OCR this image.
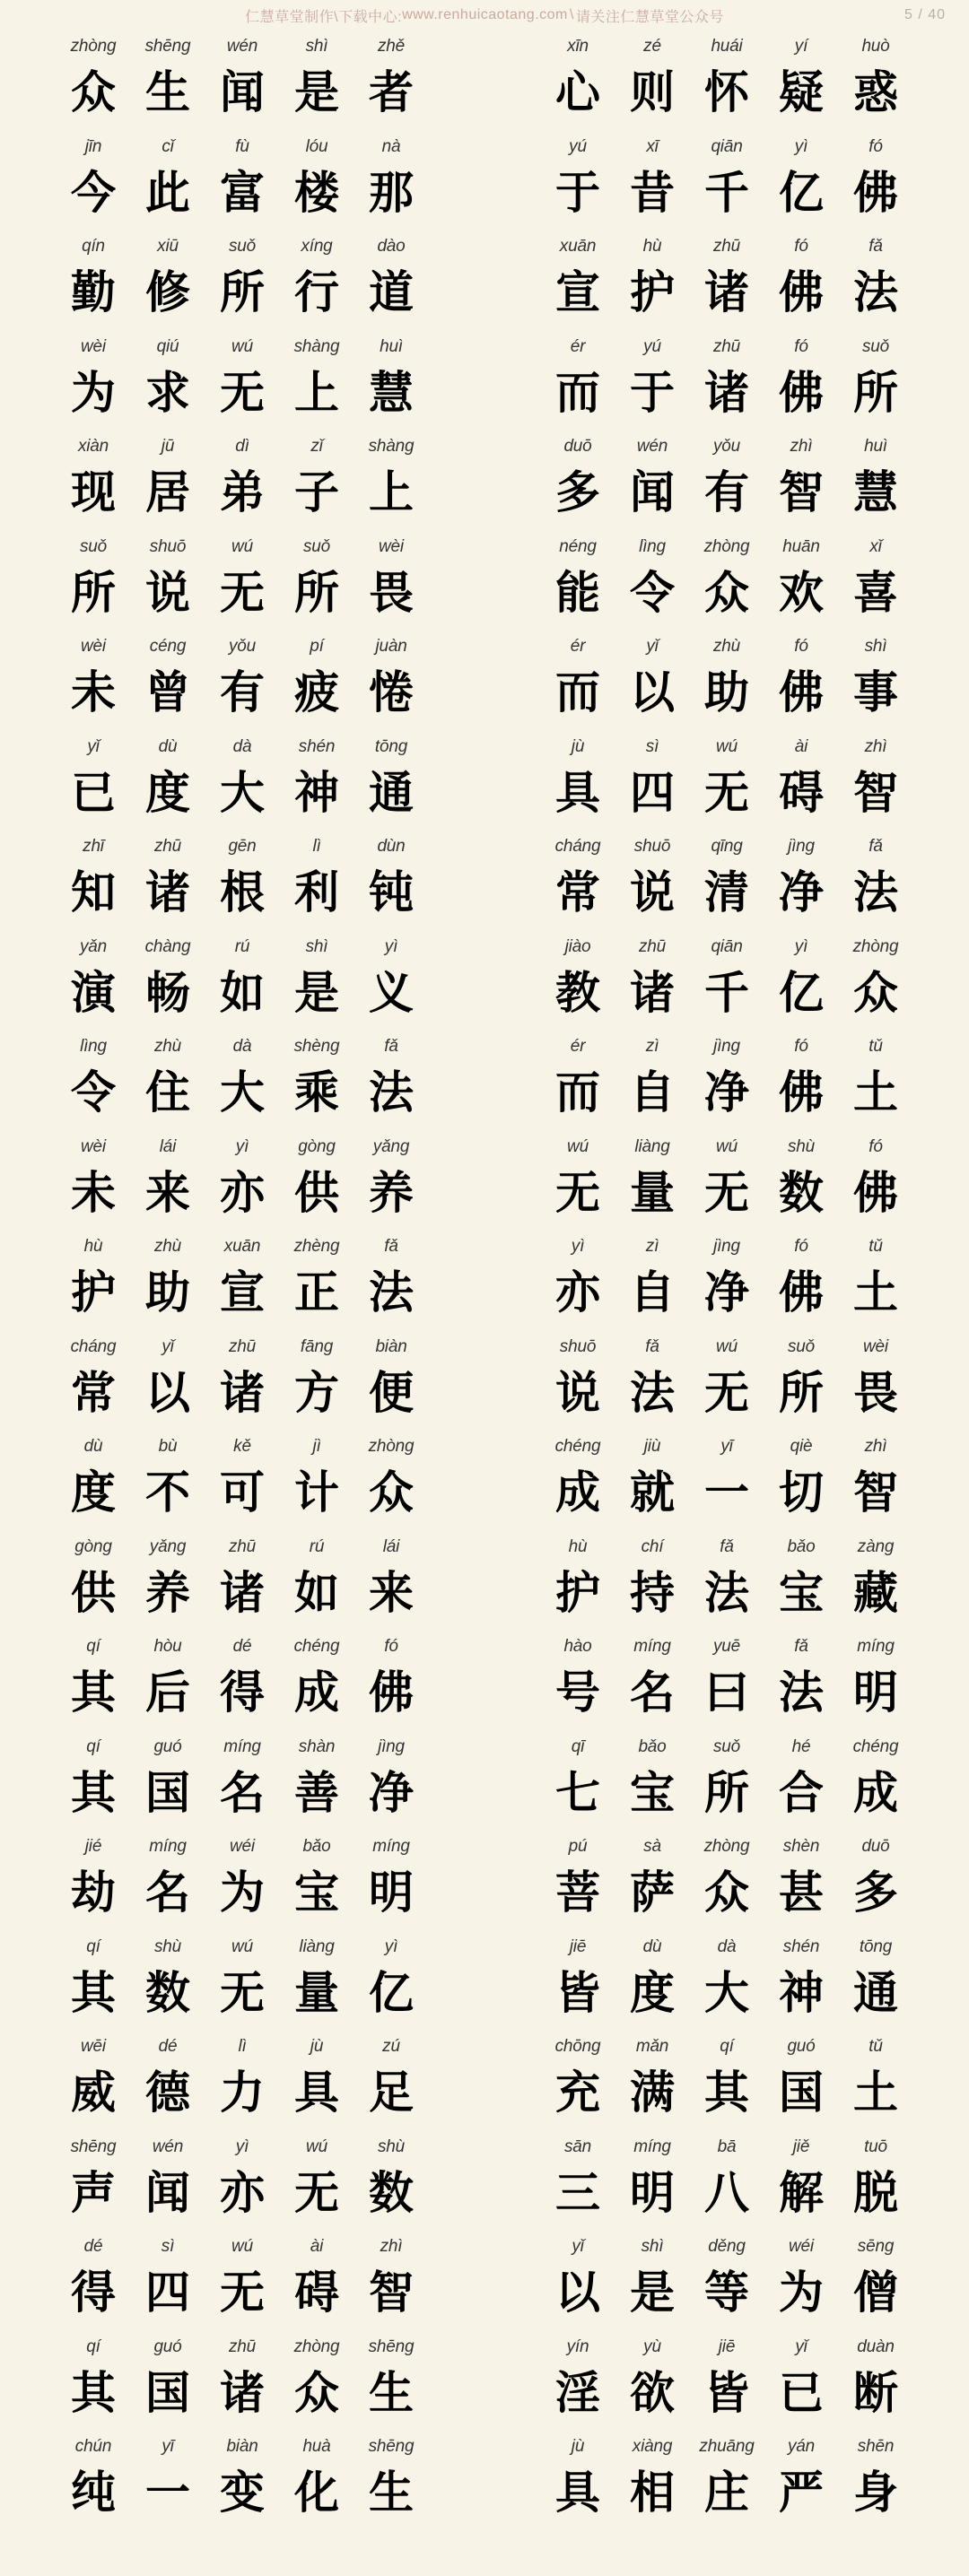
仁慧草堂制作\下载中心: www.renhuicaotang.com \ 请关注仁慧草堂公众号	5 / 40
zhòng	shēng	wén	shì	zhě
众 生 闻 是 者
xīn	zé	huái	yí	huò
心 则 怀 疑 惑
jīn	cǐ	fù	lóu	nà
今 此 富 楼 那
yú	xī	qiān	yì	fó
于 昔 千 亿 佛
qín	xiū	suǒ	xíng	dào
勤 修 所 行 道
xuān	hù	zhū	fó	fǎ
宣 护 诸 佛 法
wèi	qiú	wú	shàng	huì
为 求 无 上 慧
ér	yú	zhū	fó	suǒ
而 于 诸 佛 所
xiàn	jū	dì	zǐ	shàng
现 居 弟 子 上
duō	wén	yǒu	zhì	huì
多 闻 有 智 慧
suǒ	shuō	wú	suǒ	wèi
所 说 无 所 畏
néng	lìng	zhòng	huān	xǐ
能 令 众 欢 喜
wèi	céng	yǒu	pí	juàn
未 曾 有 疲 惓
ér	yǐ	zhù	fó	shì
而 以 助 佛 事
yǐ	dù	dà	shén	tōng
已 度 大 神 通
jù	sì	wú	ài	zhì
具 四 无 碍 智
zhī	zhū	gēn	lì	dùn
知 诸 根 利 钝
cháng	shuō	qīng	jìng	fǎ
常 说 清 净 法
yǎn	chàng	rú	shì	yì
演 畅 如 是 义
jiào	zhū	qiān	yì	zhòng
教 诸 千 亿 众
lìng	zhù	dà	shèng	fǎ
令 住 大 乘 法
ér	zì	jìng	fó	tǔ
而 自 净 佛 土
wèi	lái	yì	gòng	yǎng
未 来 亦 供 养
wú	liàng	wú	shù	fó
无 量 无 数 佛
hù	zhù	xuān	zhèng	fǎ
护 助 宣 正 法
yì	zì	jìng	fó	tǔ
亦 自 净 佛 土
cháng	yǐ	zhū	fāng	biàn
常 以 诸 方 便
shuō	fǎ	wú	suǒ	wèi
说 法 无 所 畏
dù	bù	kě	jì	zhòng
度 不 可 计 众
chéng	jiù	yī	qiè	zhì
成 就 一 切 智
gòng	yǎng	zhū	rú	lái
供 养 诸 如 来
hù	chí	fǎ	bǎo	zàng
护 持 法 宝 藏
qí	hòu	dé	chéng	fó
其 后 得 成 佛
hào	míng	yuē	fǎ	míng
号 名 曰 法 明
qí	guó	míng	shàn	jìng
其 国 名 善 净
qī	bǎo	suǒ	hé	chéng
七 宝 所 合 成
jié	míng	wéi	bǎo	míng
劫 名 为 宝 明
pú	sà	zhòng	shèn	duō
菩 萨 众 甚 多
qí	shù	wú	liàng	yì
其 数 无 量 亿
jiē	dù	dà	shén	tōng
皆 度 大 神 通
wēi	dé	lì	jù	zú
威 德 力 具 足
chōng	mǎn	qí	guó	tǔ
充 满 其 国 土
shēng	wén	yì	wú	shù
声 闻 亦 无 数
sān	míng	bā	jiě	tuō
三 明 八 解 脱
dé	sì	wú	ài	zhì
得 四 无 碍 智
yǐ	shì	děng	wéi	sēng
以 是 等 为 僧
qí	guó	zhū	zhòng	shēng
其 国 诸 众 生
yín	yù	jiē	yǐ	duàn
淫 欲 皆 已 断
chún	yī	biàn	huà	shēng
纯 一 变 化 生
jù	xiàng	zhuāng	yán	shēn
具 相 庄 严 身
